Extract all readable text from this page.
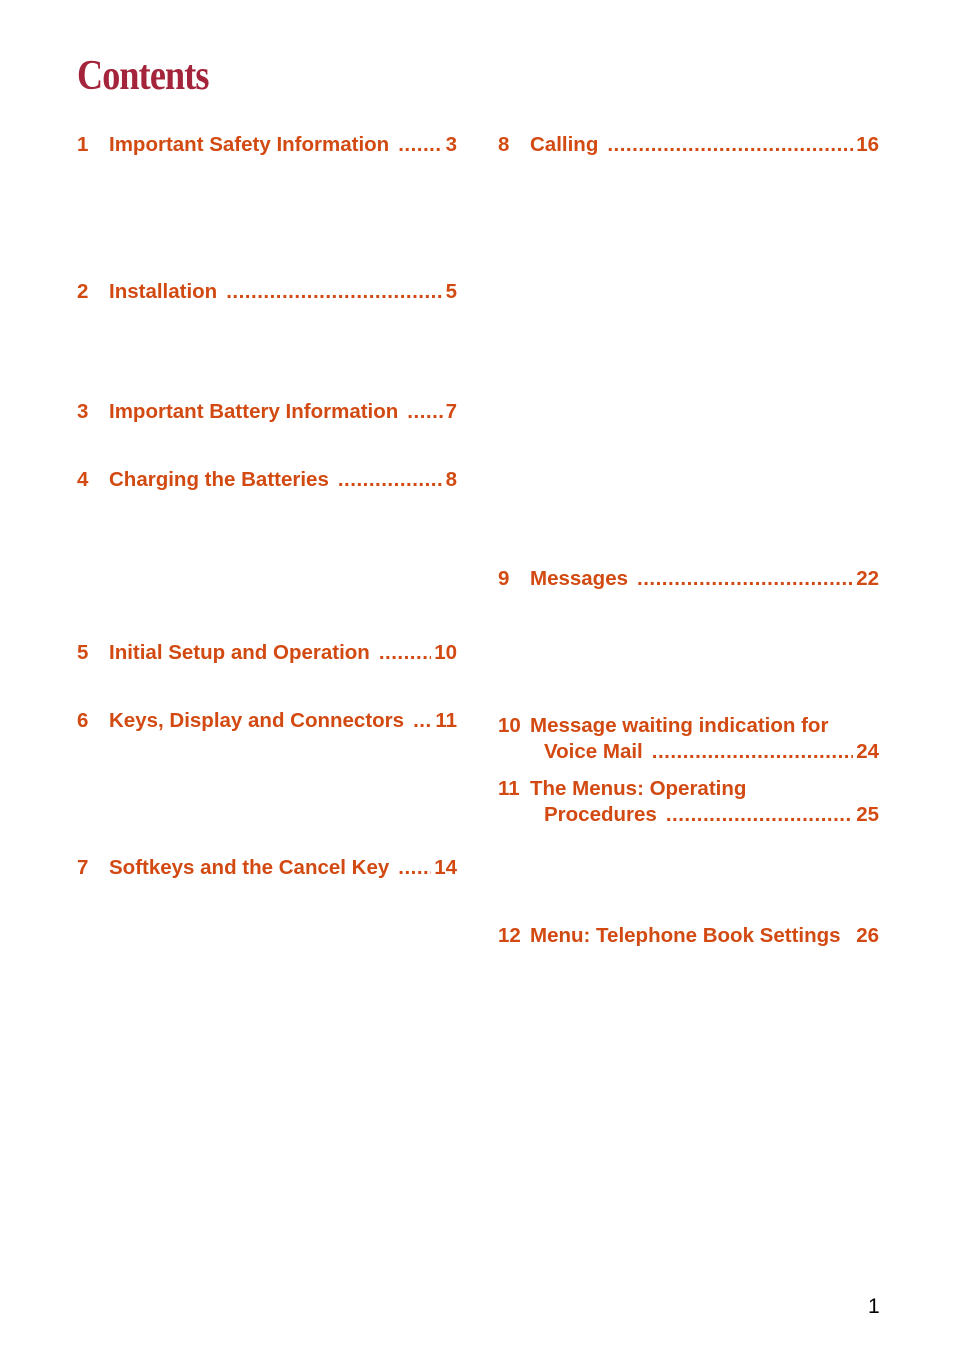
Contents
1 Important Safety Information .....	3
2 Installation .....	5
3 Important Battery Information ..... 7
4 Charging the Batteries .....	8
5 Initial Setup and Operation .....	10
6 Keys, Display and Connectors ..... 11
7 Softkeys and the Cancel Key ..... 14
8 Calling .....	16
9 Messages .....	22
10 Message waiting indication for
Voice Mail .....	24
11 The Menus: Operating
Procedures .....	25
12 Menu: Telephone Book Settings 26
1
